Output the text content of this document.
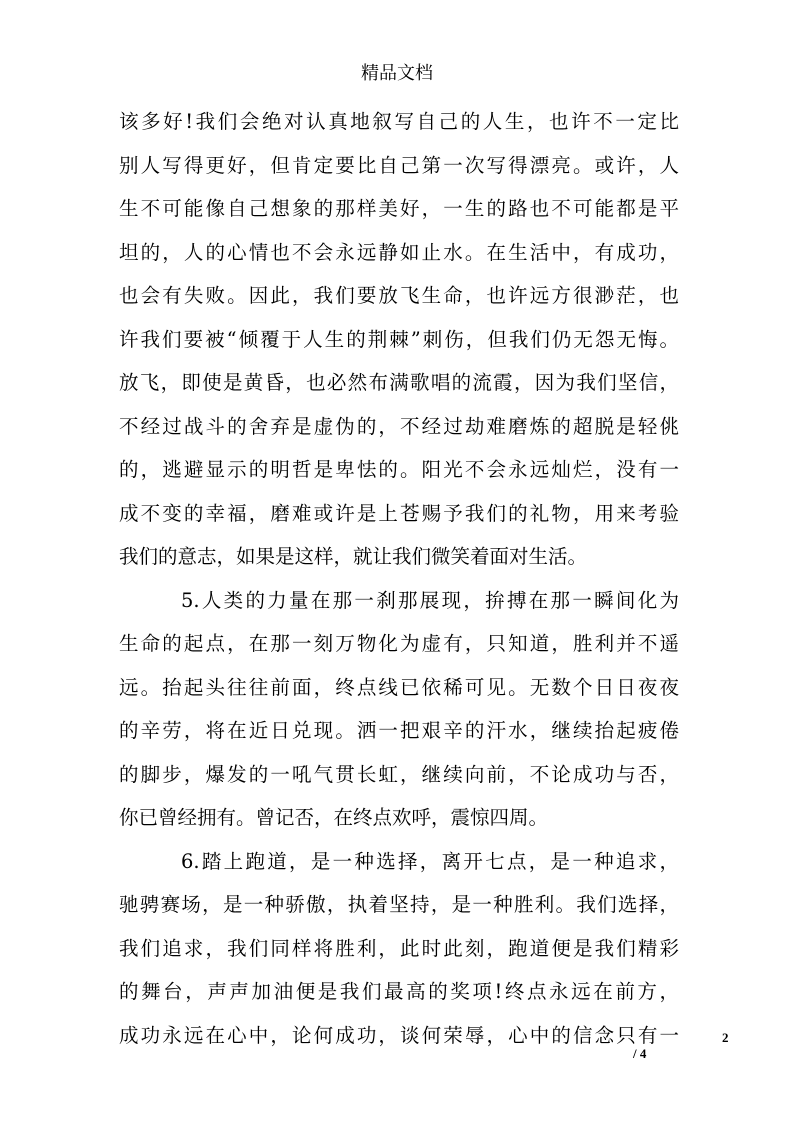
精品文档
该多好!我们会绝对认真地叙写自己的人生，也许不一定比
别人写得更好，但肯定要比自己第一次写得漂亮。或许，人
生不可能像自己想象的那样美好，一生的路也不可能都是平
坦的，人的心情也不会永远静如止水。在生活中，有成功，
也会有失败。因此，我们要放飞生命，也许远方很渺茫，也
许我们要被“倾覆于人生的荆棘”刺伤，但我们仍无怨无悔。
放飞，即使是黄昏，也必然布满歌唱的流霞，因为我们坚信，
不经过战斗的舍弃是虚伪的，不经过劫难磨炼的超脱是轻佻
的，逃避显示的明哲是卑怯的。阳光不会永远灿烂，没有一
成不变的幸福，磨难或许是上苍赐予我们的礼物，用来考验
我们的意志，如果是这样，就让我们微笑着面对生活。
5.人类的力量在那一刹那展现，拚搏在那一瞬间化为
生命的起点，在那一刻万物化为虚有，只知道，胜利并不遥
远。抬起头往往前面，终点线已依稀可见。无数个日日夜夜
的辛劳，将在近日兑现。洒一把艰辛的汗水，继续抬起疲倦
的脚步，爆发的一吼气贯长虹，继续向前，不论成功与否，
你已曾经拥有。曾记否，在终点欢呼，震惊四周。
6.踏上跑道，是一种选择，离开七点，是一种追求，
驰骋赛场，是一种骄傲，执着坚持，是一种胜利。我们选择，
我们追求，我们同样将胜利，此时此刻，跑道便是我们精彩
的舞台，声声加油便是我们最高的奖项!终点永远在前方，
成功永远在心中，论何成功，谈何荣辱，心中的信念只有一	2
/ 4
